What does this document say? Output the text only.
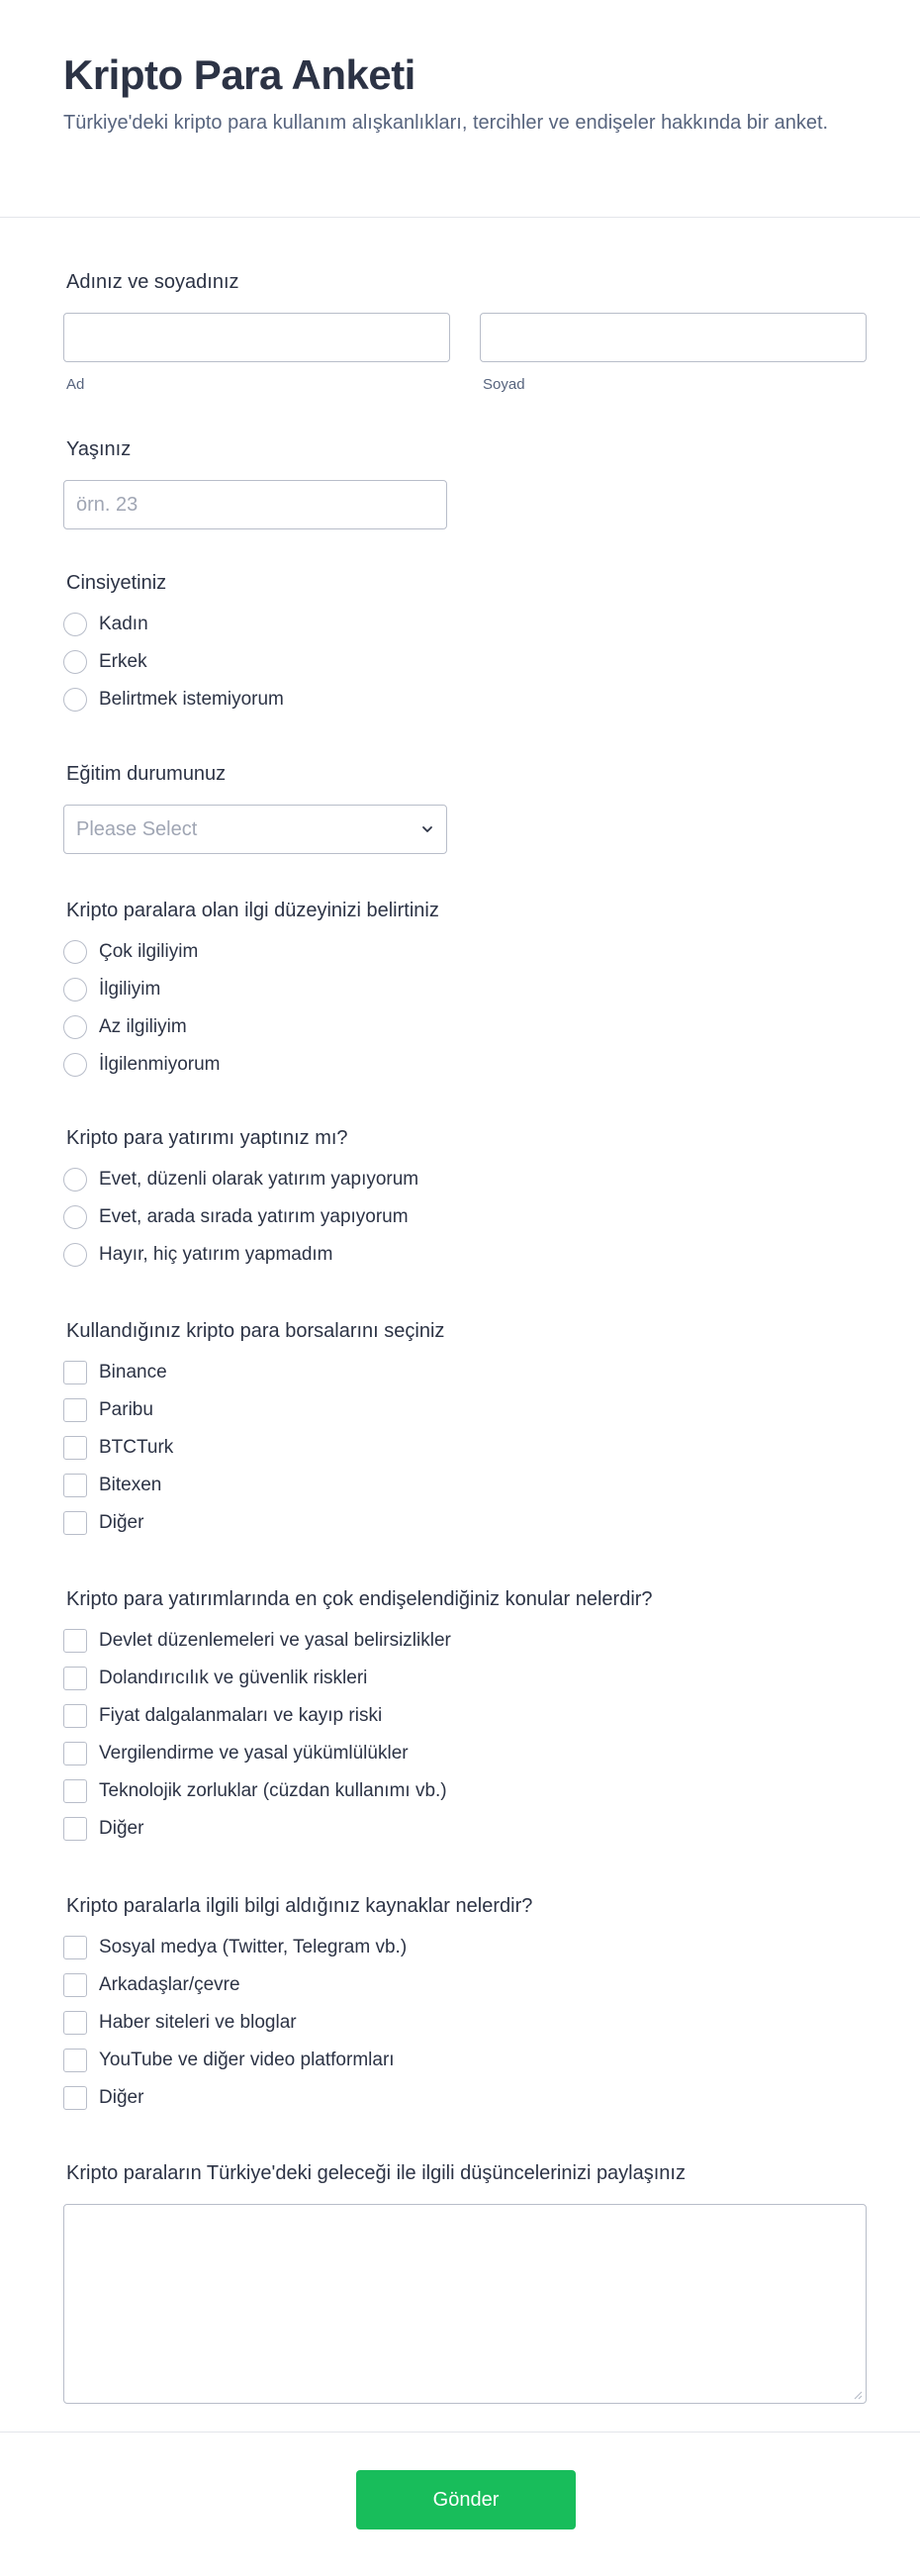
Kripto Para Anketi

Türkiye'deki kripto para kullanım alışkanlıkları, tercihler ve endişeler hakkında bir anket.

Adınız ve soyadınız
Ad	Soyad
Yaşınız
örn. 23
Cinsiyetiniz
Kadın
Erkek
Belirtmek istemiyorum
Eğitim durumunuz
Please Select
Kripto paralara olan ilgi düzeyinizi belirtiniz
Çok ilgiliyim
İlgiliyim
Az ilgiliyim
İlgilenmiyorum
Kripto para yatırımı yaptınız mı?
Evet, düzenli olarak yatırım yapıyorum
Evet, arada sırada yatırım yapıyorum
Hayır, hiç yatırım yapmadım
Kullandığınız kripto para borsalarını seçiniz
Binance
Paribu
BTCTurk
Bitexen
Diğer
Kripto para yatırımlarında en çok endişelendiğiniz konular nelerdir?
Devlet düzenlemeleri ve yasal belirsizlikler
Dolandırıcılık ve güvenlik riskleri
Fiyat dalgalanmaları ve kayıp riski
Vergilendirme ve yasal yükümlülükler
Teknolojik zorluklar (cüzdan kullanımı vb.)
Diğer
Kripto paralarla ilgili bilgi aldığınız kaynaklar nelerdir?
Sosyal medya (Twitter, Telegram vb.)
Arkadaşlar/çevre
Haber siteleri ve bloglar
YouTube ve diğer video platformları
Diğer
Kripto paraların Türkiye'deki geleceği ile ilgili düşüncelerinizi paylaşınız
Gönder
